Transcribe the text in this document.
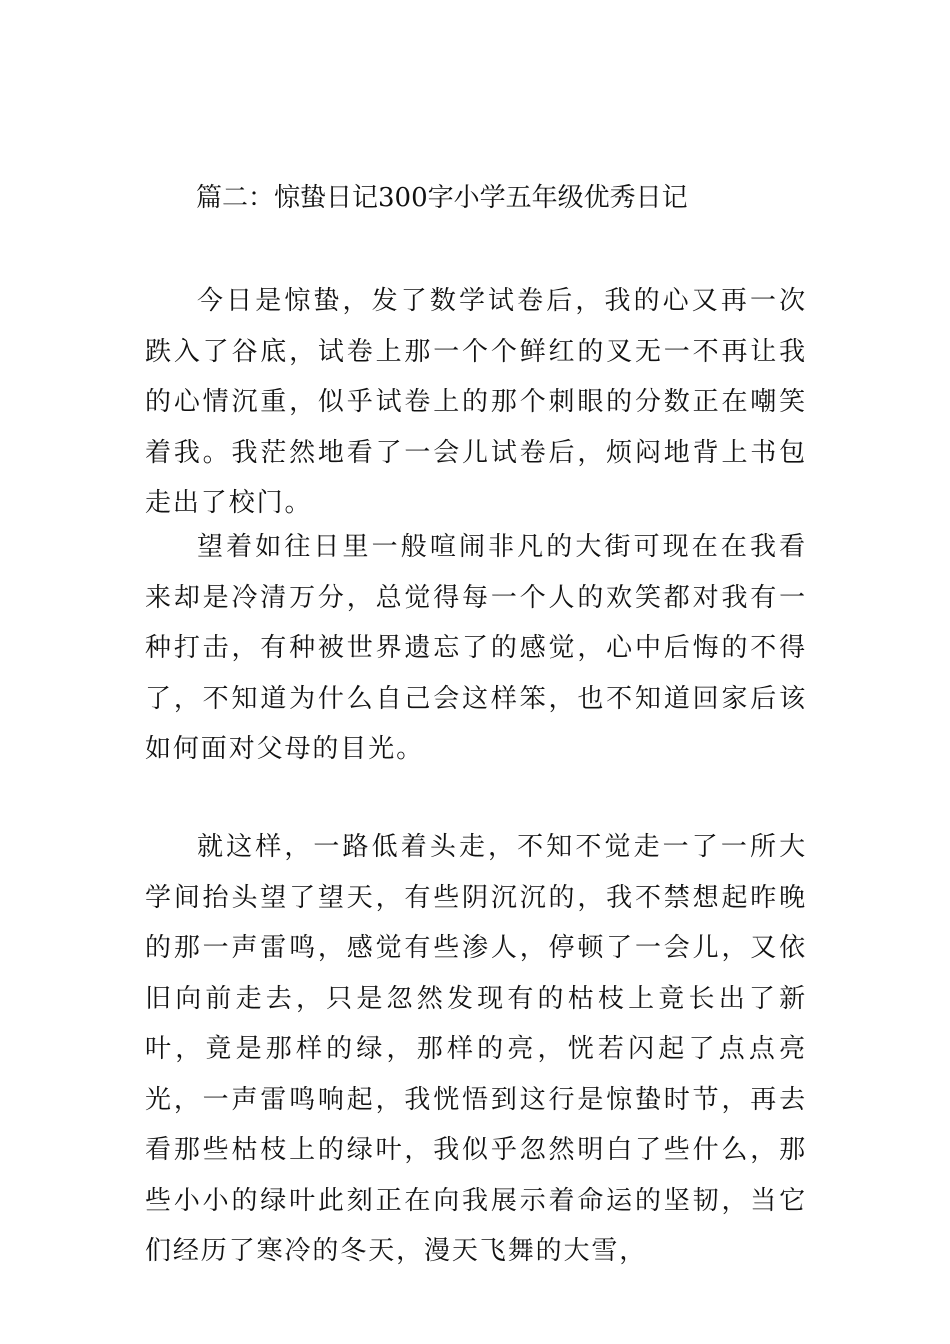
篇二：惊蛰日记300字小学五年级优秀日记

今日是惊蛰，发了数学试卷后，我的心又再一次跌入了谷底，试卷上那一个个鲜红的叉无一不再让我的心情沉重，似乎试卷上的那个刺眼的分数正在嘲笑着我。我茫然地看了一会儿试卷后，烦闷地背上书包走出了校门。

望着如往日里一般喧闹非凡的大街可现在在我看来却是冷清万分，总觉得每一个人的欢笑都对我有一种打击，有种被世界遗忘了的感觉，心中后悔的不得了，不知道为什么自己会这样笨，也不知道回家后该如何面对父母的目光。

就这样，一路低着头走，不知不觉走一了一所大学间抬头望了望天，有些阴沉沉的，我不禁想起昨晚的那一声雷鸣，感觉有些渗人，停顿了一会儿，又依旧向前走去，只是忽然发现有的枯枝上竟长出了新叶，竟是那样的绿，那样的亮，恍若闪起了点点亮光，一声雷鸣响起，我恍悟到这行是惊蛰时节，再去看那些枯枝上的绿叶，我似乎忽然明白了些什么，那些小小的绿叶此刻正在向我展示着命运的坚韧，当它们经历了寒冷的冬天，漫天飞舞的大雪，
